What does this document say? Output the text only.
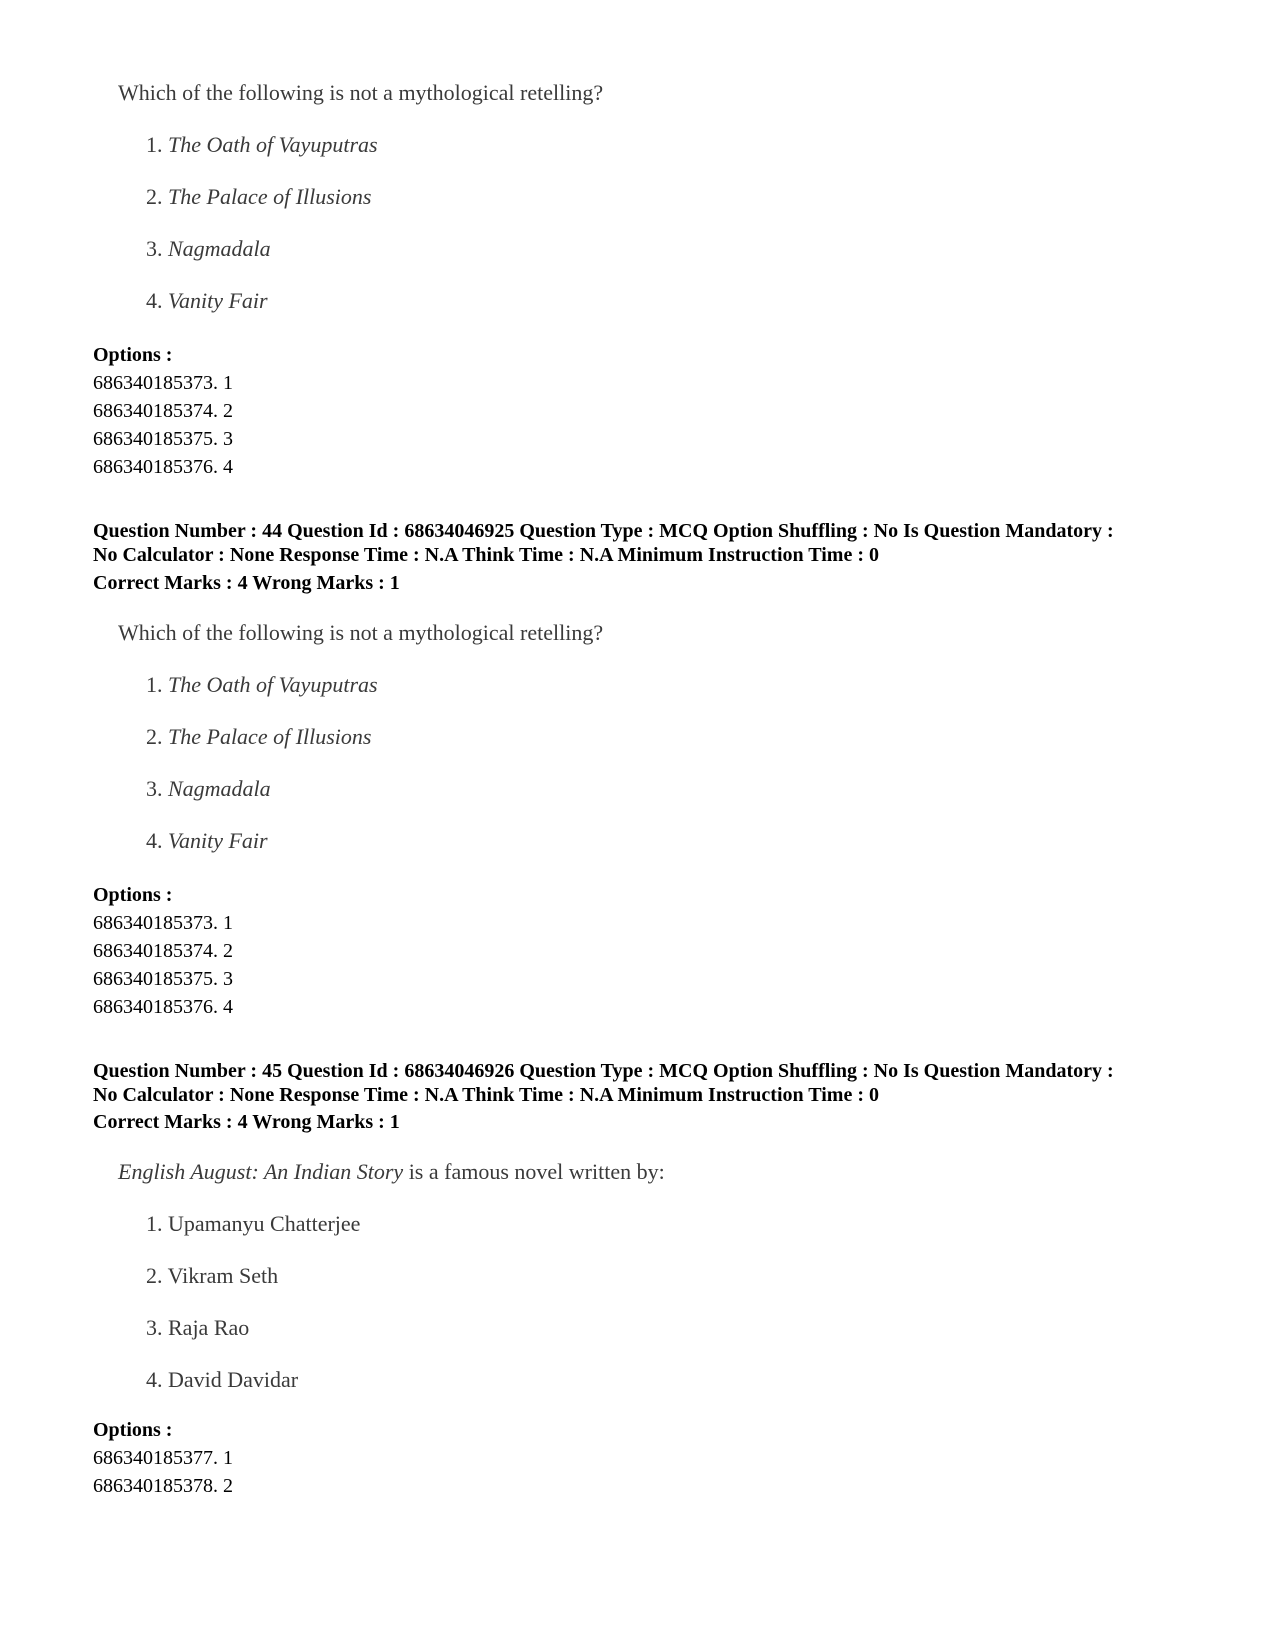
Which of the following is not a mythological retelling?
1. The Oath of Vayuputras
2. The Palace of Illusions
3. Nagmadala
4. Vanity Fair
Options :
686340185373. 1
686340185374. 2
686340185375. 3
686340185376. 4
Question Number : 44 Question Id : 68634046925 Question Type : MCQ Option Shuffling : No Is Question Mandatory :
No Calculator : None Response Time : N.A Think Time : N.A Minimum Instruction Time : 0
Correct Marks : 4 Wrong Marks : 1
Which of the following is not a mythological retelling?
1. The Oath of Vayuputras
2. The Palace of Illusions
3. Nagmadala
4. Vanity Fair
Options :
686340185373. 1
686340185374. 2
686340185375. 3
686340185376. 4
Question Number : 45 Question Id : 68634046926 Question Type : MCQ Option Shuffling : No Is Question Mandatory :
No Calculator : None Response Time : N.A Think Time : N.A Minimum Instruction Time : 0
Correct Marks : 4 Wrong Marks : 1
English August: An Indian Story is a famous novel written by:
1. Upamanyu Chatterjee
2. Vikram Seth
3. Raja Rao
4. David Davidar
Options :
686340185377. 1
686340185378. 2
